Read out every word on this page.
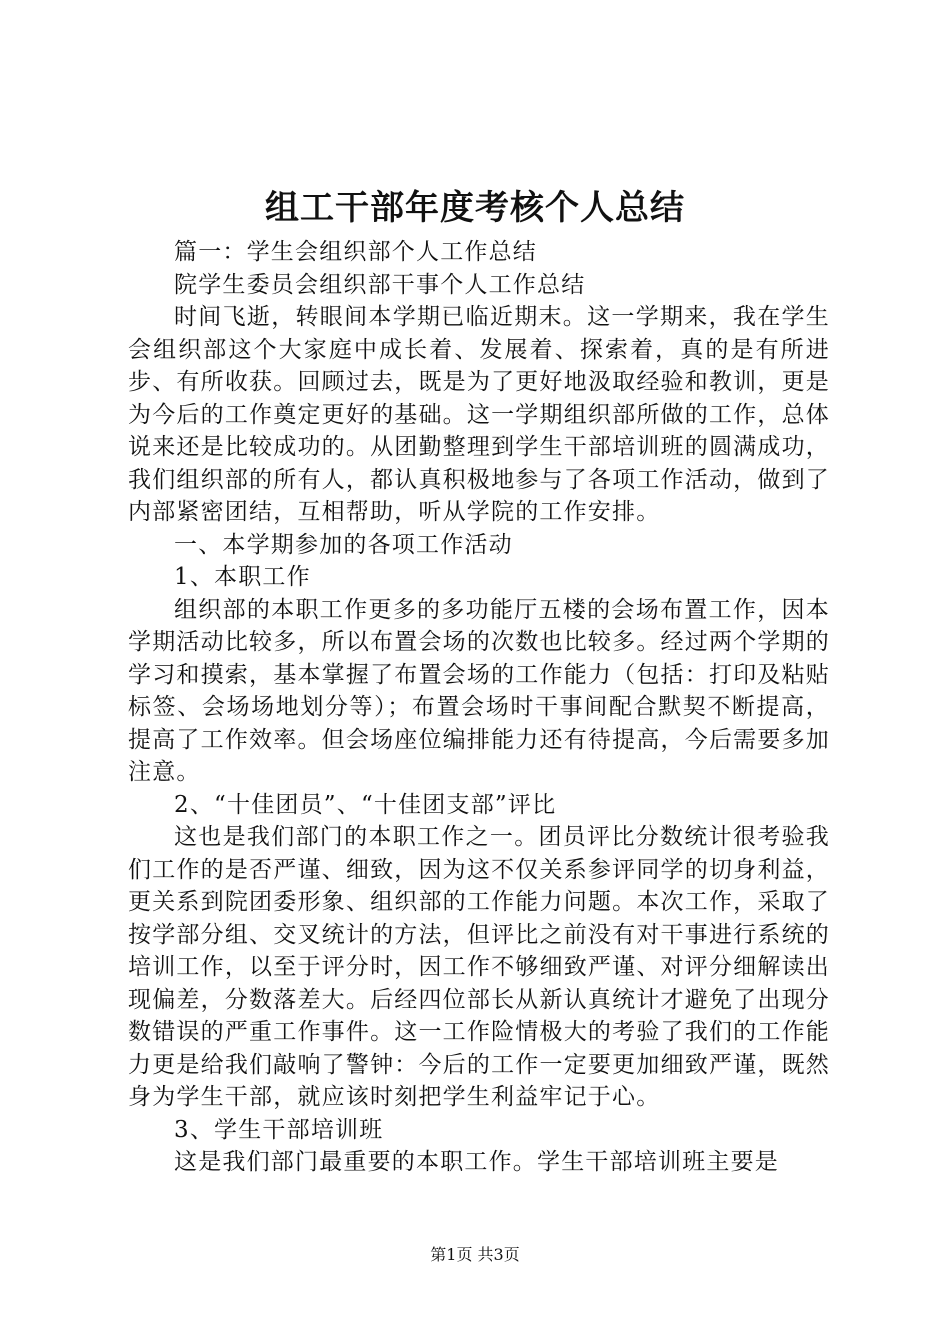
组工干部年度考核个人总结

篇一：学生会组织部个人工作总结

院学生委员会组织部干事个人工作总结

时间飞逝，转眼间本学期已临近期末。这一学期来，我在学生会组织部这个大家庭中成长着、发展着、探索着，真的是有所进步、有所收获。回顾过去，既是为了更好地汲取经验和教训，更是为今后的工作奠定更好的基础。这一学期组织部所做的工作，总体说来还是比较成功的。从团勤整理到学生干部培训班的圆满成功，我们组织部的所有人，都认真积极地参与了各项工作活动，做到了内部紧密团结，互相帮助，听从学院的工作安排。

一、本学期参加的各项工作活动

1、本职工作

组织部的本职工作更多的多功能厅五楼的会场布置工作，因本学期活动比较多，所以布置会场的次数也比较多。经过两个学期的学习和摸索，基本掌握了布置会场的工作能力（包括：打印及粘贴标签、会场场地划分等）；布置会场时干事间配合默契不断提高，提高了工作效率。但会场座位编排能力还有待提高，今后需要多加注意。

2、“十佳团员”、“十佳团支部”评比

这也是我们部门的本职工作之一。团员评比分数统计很考验我们工作的是否严谨、细致，因为这不仅关系参评同学的切身利益，更关系到院团委形象、组织部的工作能力问题。本次工作，采取了按学部分组、交叉统计的方法，但评比之前没有对干事进行系统的培训工作，以至于评分时，因工作不够细致严谨、对评分细解读出现偏差，分数落差大。后经四位部长从新认真统计才避免了出现分数错误的严重工作事件。这一工作险情极大的考验了我们的工作能力更是给我们敲响了警钟：今后的工作一定要更加细致严谨，既然身为学生干部，就应该时刻把学生利益牢记于心。

3、学生干部培训班

这是我们部门最重要的本职工作。学生干部培训班主要是

第1页 共3页
